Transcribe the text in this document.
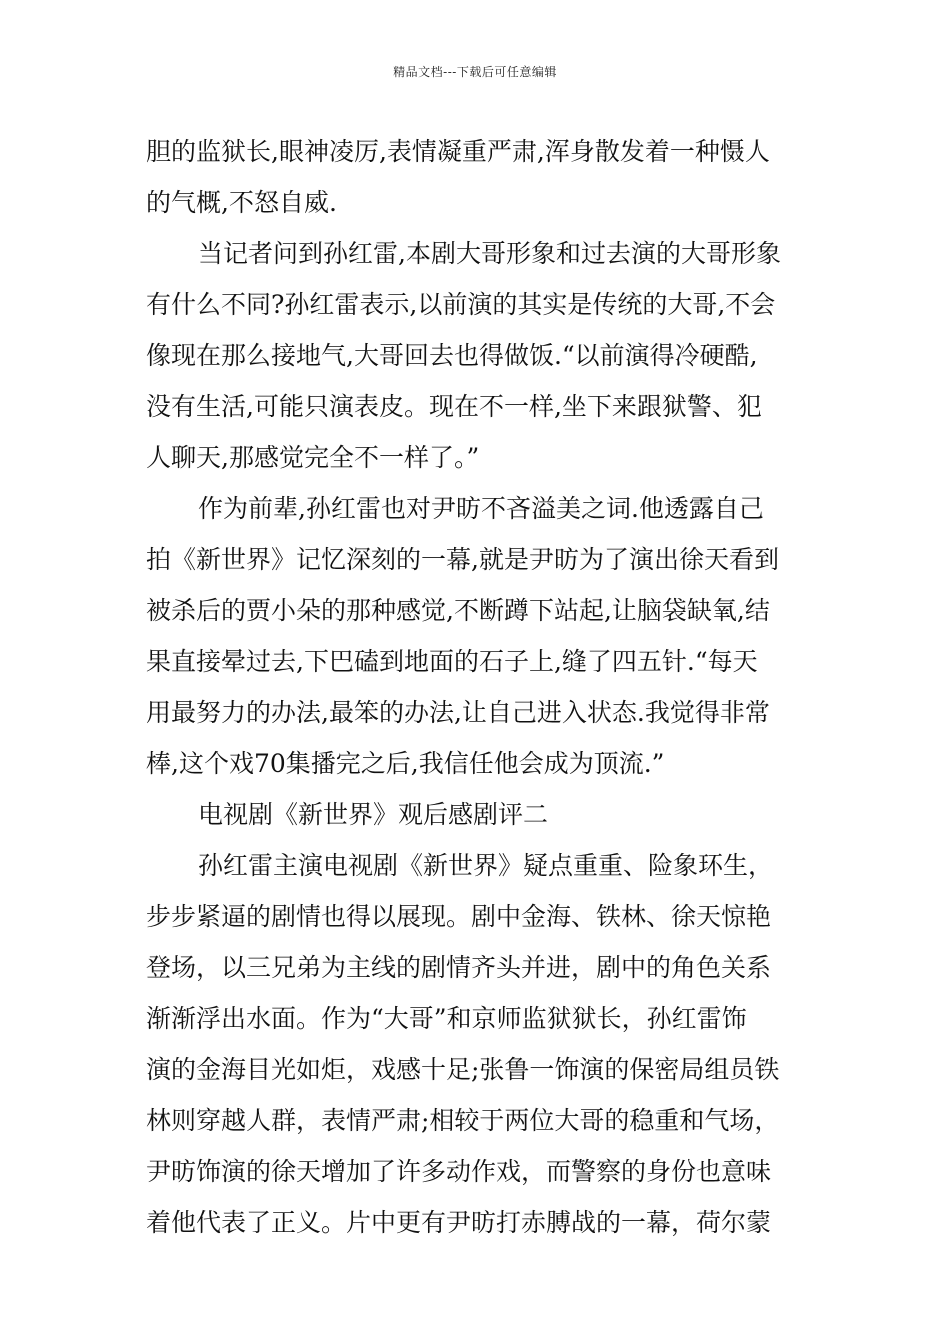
精品文档---下载后可任意编辑
胆的监狱长,眼神凌厉,表情凝重严肃,浑身散发着一种慑人
的气概,不怒自威.
当记者问到孙红雷,本剧大哥形象和过去演的大哥形象
有什么不同?孙红雷表示,以前演的其实是传统的大哥,不会
像现在那么接地气,大哥回去也得做饭.“以前演得冷硬酷,
没有生活,可能只演表皮。现在不一样,坐下来跟狱警、犯
人聊天,那感觉完全不一样了。”
作为前辈,孙红雷也对尹昉不吝溢美之词.他透露自己
拍《新世界》记忆深刻的一幕,就是尹昉为了演出徐天看到
被杀后的贾小朵的那种感觉,不断蹲下站起,让脑袋缺氧,结
果直接晕过去,下巴磕到地面的石子上,缝了四五针.“每天
用最努力的办法,最笨的办法,让自己进入状态.我觉得非常
棒,这个戏70集播完之后,我信任他会成为顶流.”
电视剧《新世界》观后感剧评二
孙红雷主演电视剧《新世界》疑点重重、险象环生，
步步紧逼的剧情也得以展现。剧中金海、铁林、徐天惊艳
登场，以三兄弟为主线的剧情齐头并进，剧中的角色关系
渐渐浮出水面。作为“大哥”和京师监狱狱长，孙红雷饰
演的金海目光如炬，戏感十足;张鲁一饰演的保密局组员铁
林则穿越人群，表情严肃;相较于两位大哥的稳重和气场，
尹昉饰演的徐天增加了许多动作戏，而警察的身份也意味
着他代表了正义。片中更有尹昉打赤膊战的一幕，荷尔蒙
